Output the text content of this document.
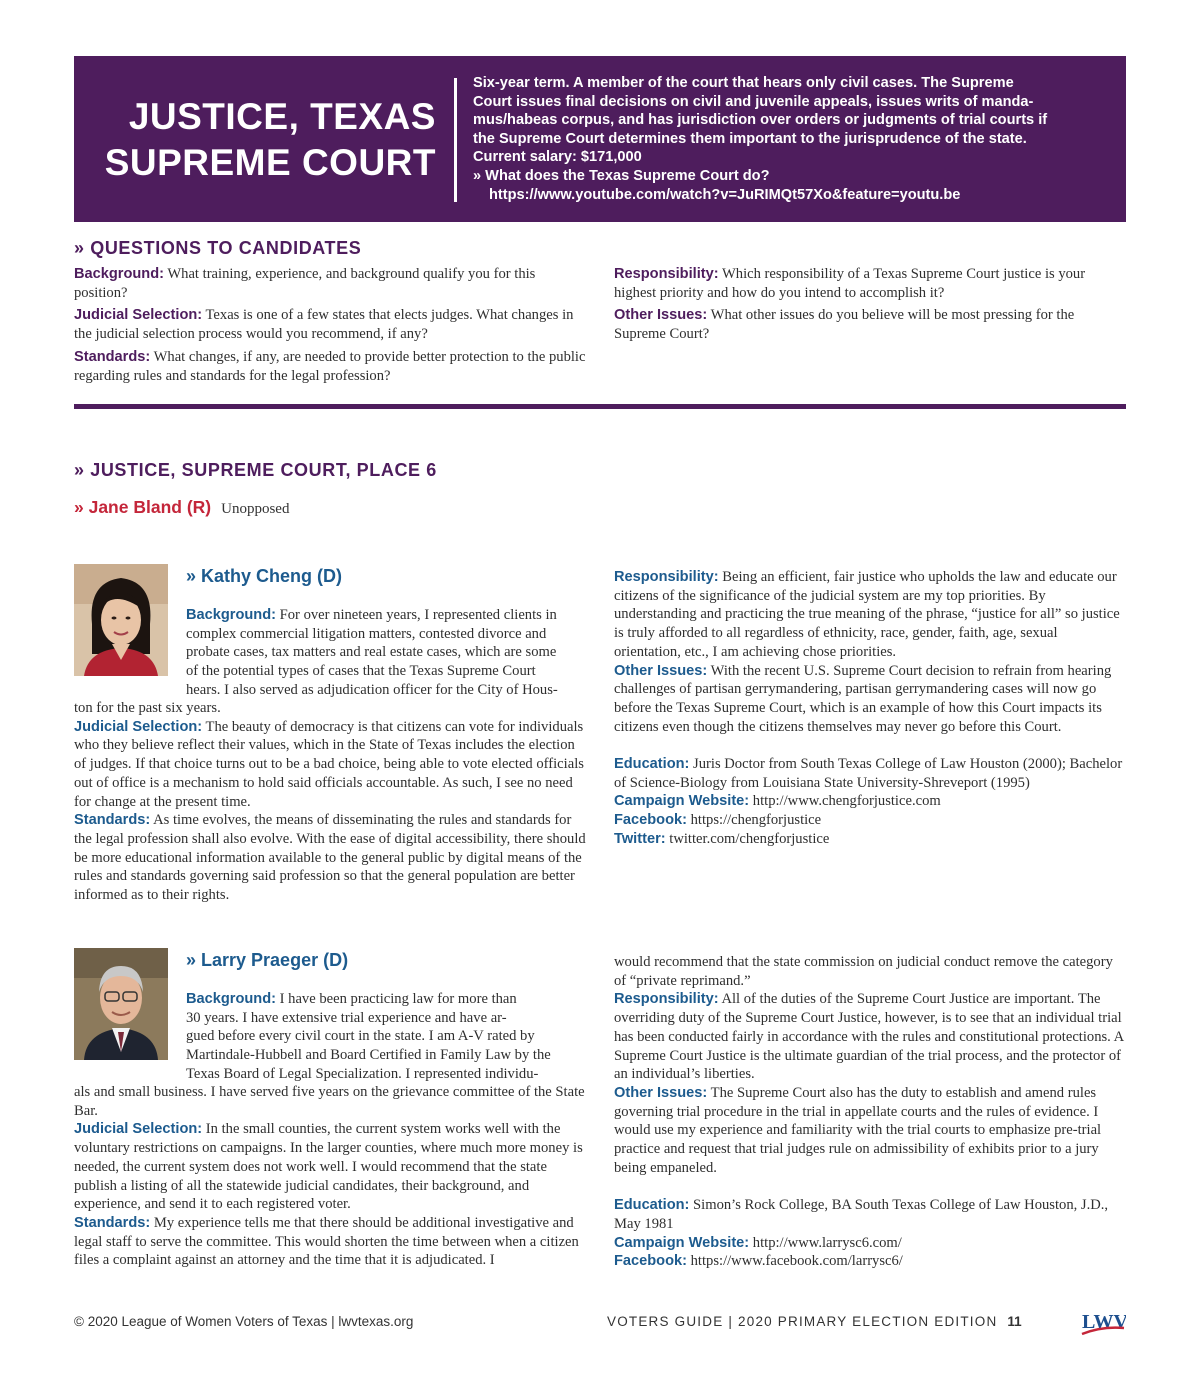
JUSTICE, TEXAS
SUPREME COURT
Six-year term. A member of the court that hears only civil cases. The Supreme
Court issues final decisions on civil and juvenile appeals, issues writs of manda-
mus/habeas corpus, and has jurisdiction over orders or judgments of trial courts if
the Supreme Court determines them important to the jurisprudence of the state.
Current salary: $171,000
» What does the Texas Supreme Court do?
https://www.youtube.com/watch?v=JuRIMQt57Xo&feature=youtu.be
» QUESTIONS TO CANDIDATES

Background: What training, experience, and background qualify you for this position?

Judicial Selection: Texas is one of a few states that elects judges. What changes in the judicial selection process would you recommend, if any?

Standards: What changes, if any, are needed to provide better protection to the public regarding rules and standards for the legal profession?

Responsibility: Which responsibility of a Texas Supreme Court justice is your highest priority and how do you intend to accomplish it?

Other Issues: What other issues do you believe will be most pressing for the Supreme Court?

» JUSTICE, SUPREME COURT, PLACE 6
» Jane Bland (R) Unopposed
» Kathy Cheng (D)
Background: For over nineteen years, I represented clients in
complex commercial litigation matters, contested divorce and
probate cases, tax matters and real estate cases, which are some
of the potential types of cases that the Texas Supreme Court
hears. I also served as adjudication officer for the City of Hous-

ton for the past six years.

Judicial Selection: The beauty of democracy is that citizens can vote for individuals who they believe reflect their values, which in the State of Texas includes the election of judges. If that choice turns out to be a bad choice, being able to vote elected officials out of office is a mechanism to hold said officials accountable. As such, I see no need for change at the present time.

Standards: As time evolves, the means of disseminating the rules and standards for the legal profession shall also evolve. With the ease of digital accessibility, there should be more educational information available to the general public by digital means of the rules and standards governing said profession so that the general population are better informed as to their rights.

Responsibility: Being an efficient, fair justice who upholds the law and educate our citizens of the significance of the judicial system are my top priorities. By understanding and practicing the true meaning of the phrase, “justice for all” so justice is truly afforded to all regardless of ethnicity, race, gender, faith, age, sexual orientation, etc., I am achieving chose priorities.

Other Issues: With the recent U.S. Supreme Court decision to refrain from hearing challenges of partisan gerrymandering, partisan gerrymandering cases will now go before the Texas Supreme Court, which is an example of how this Court impacts its citizens even though the citizens themselves may never go before this Court.

Education: Juris Doctor from South Texas College of Law Houston (2000); Bachelor of Science-Biology from Louisiana State University-Shreveport (1995)

Campaign Website: http://www.chengforjustice.com

Facebook: https://chengforjustice

Twitter: twitter.com/chengforjustice

» Larry Praeger (D)
Background: I have been practicing law for more than
30 years. I have extensive trial experience and have ar-
gued before every civil court in the state. I am A-V rated by
Martindale-Hubbell and Board Certified in Family Law by the
Texas Board of Legal Specialization. I represented individu-

als and small business. I have served five years on the grievance committee of the State Bar.

Judicial Selection: In the small counties, the current system works well with the voluntary restrictions on campaigns. In the larger counties, where much more money is needed, the current system does not work well. I would recommend that the state publish a listing of all the statewide judicial candidates, their background, and experience, and send it to each registered voter.

Standards: My experience tells me that there should be additional investigative and legal staff to serve the committee. This would shorten the time between when a citizen files a complaint against an attorney and the time that it is adjudicated. I

would recommend that the state commission on judicial conduct remove the category of “private reprimand.”

Responsibility: All of the duties of the Supreme Court Justice are important. The overriding duty of the Supreme Court Justice, however, is to see that an individual trial has been conducted fairly in accordance with the rules and constitutional protections. A Supreme Court Justice is the ultimate guardian of the trial process, and the protector of an individual’s liberties.

Other Issues: The Supreme Court also has the duty to establish and amend rules governing trial procedure in the trial in appellate courts and the rules of evidence. I would use my experience and familiarity with the trial courts to emphasize pre-trial practice and request that trial judges rule on admissibility of exhibits prior to a jury being empaneled.

Education: Simon’s Rock College, BA South Texas College of Law Houston, J.D., May 1981

Campaign Website: http://www.larrysc6.com/

Facebook: https://www.facebook.com/larrysc6/

© 2020 League of Women Voters of Texas | lwvtexas.org	VOTERS GUIDE | 2020 PRIMARY ELECTION EDITION 11	LWV
